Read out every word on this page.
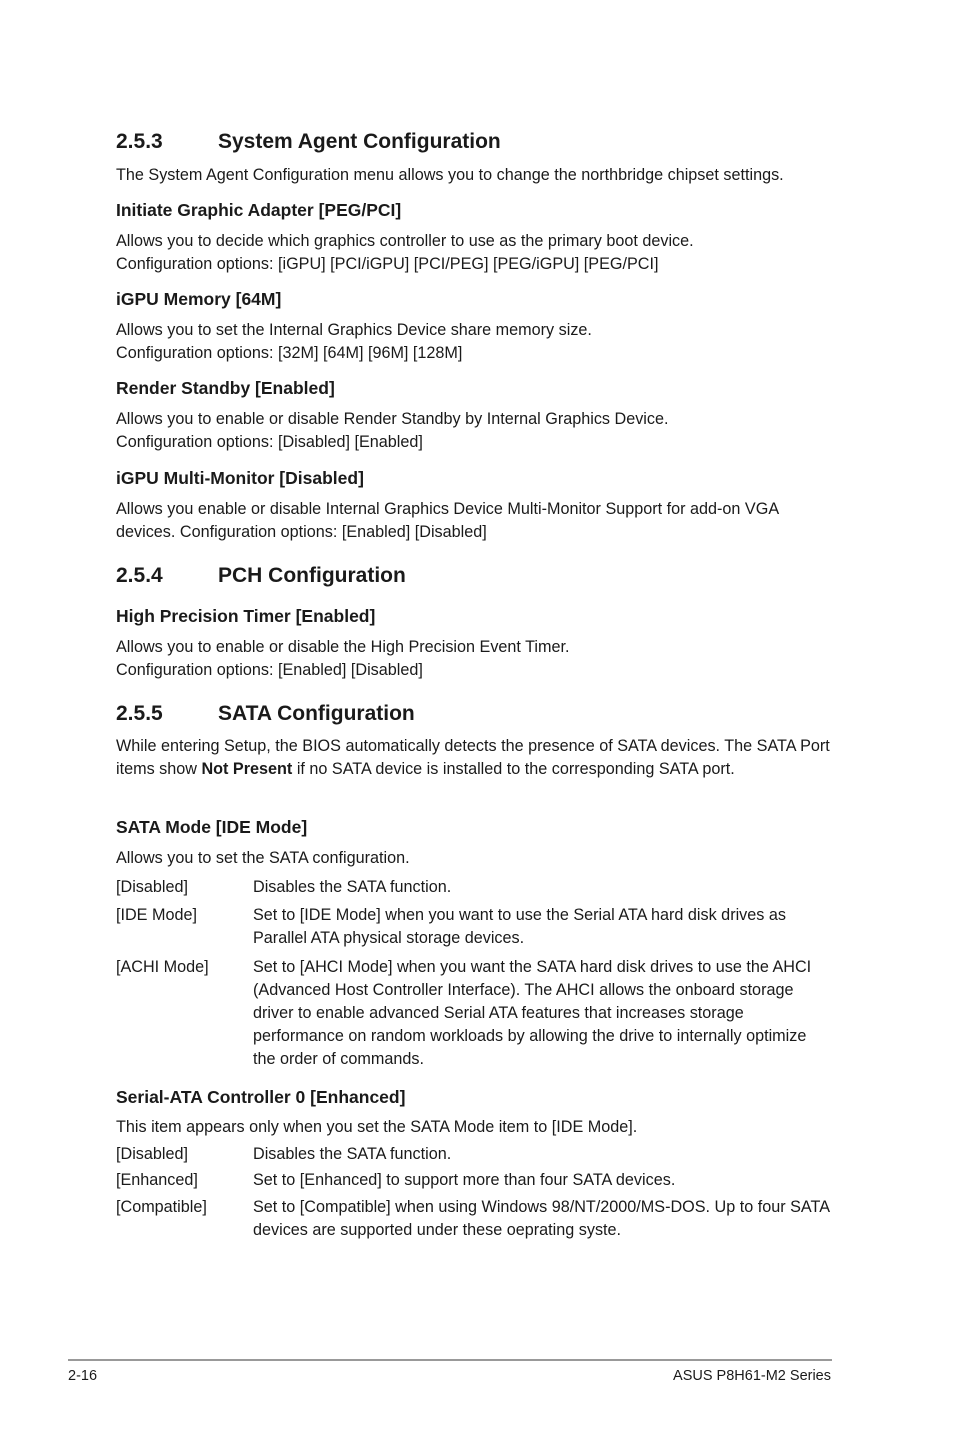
2.5.3	System Agent Configuration
The System Agent Configuration menu allows you to change the northbridge chipset settings.
Initiate Graphic Adapter [PEG/PCI]
Allows you to decide which graphics controller to use as the primary boot device.
Configuration options: [iGPU] [PCI/iGPU] [PCI/PEG] [PEG/iGPU] [PEG/PCI]
iGPU Memory [64M]
Allows you to set the Internal Graphics Device share memory size.
Configuration options: [32M] [64M] [96M] [128M]
Render Standby [Enabled]
Allows you to enable or disable Render Standby by Internal Graphics Device.
Configuration options: [Disabled] [Enabled]
iGPU Multi-Monitor [Disabled]
Allows you enable or disable Internal Graphics Device Multi-Monitor Support for add-on VGA
devices. Configuration options: [Enabled] [Disabled]
2.5.4	PCH Configuration
High Precision Timer [Enabled]
Allows you to enable or disable the High Precision Event Timer.
Configuration options: [Enabled] [Disabled]
2.5.5	SATA Configuration
While entering Setup, the BIOS automatically detects the presence of SATA devices. The SATA Port items show Not Present if no SATA device is installed to the corresponding SATA port.
SATA Mode [IDE Mode]
Allows you to set the SATA configuration.
[Disabled]	Disables the SATA function.
[IDE Mode]	Set to [IDE Mode] when you want to use the Serial ATA hard disk drives as Parallel ATA physical storage devices.
[ACHI Mode]	Set to [AHCI Mode] when you want the SATA hard disk drives to use the AHCI (Advanced Host Controller Interface). The AHCI allows the onboard storage driver to enable advanced Serial ATA features that increases storage performance on random workloads by allowing the drive to internally optimize the order of commands.
Serial-ATA Controller 0 [Enhanced]
This item appears only when you set the SATA Mode item to [IDE Mode].
[Disabled]	Disables the SATA function.
[Enhanced]	Set to [Enhanced] to support more than four SATA devices.
[Compatible]	Set to [Compatible] when using Windows 98/NT/2000/MS-DOS. Up to four SATA devices are supported under these oeprating syste.
2-16	ASUS P8H61-M2 Series
